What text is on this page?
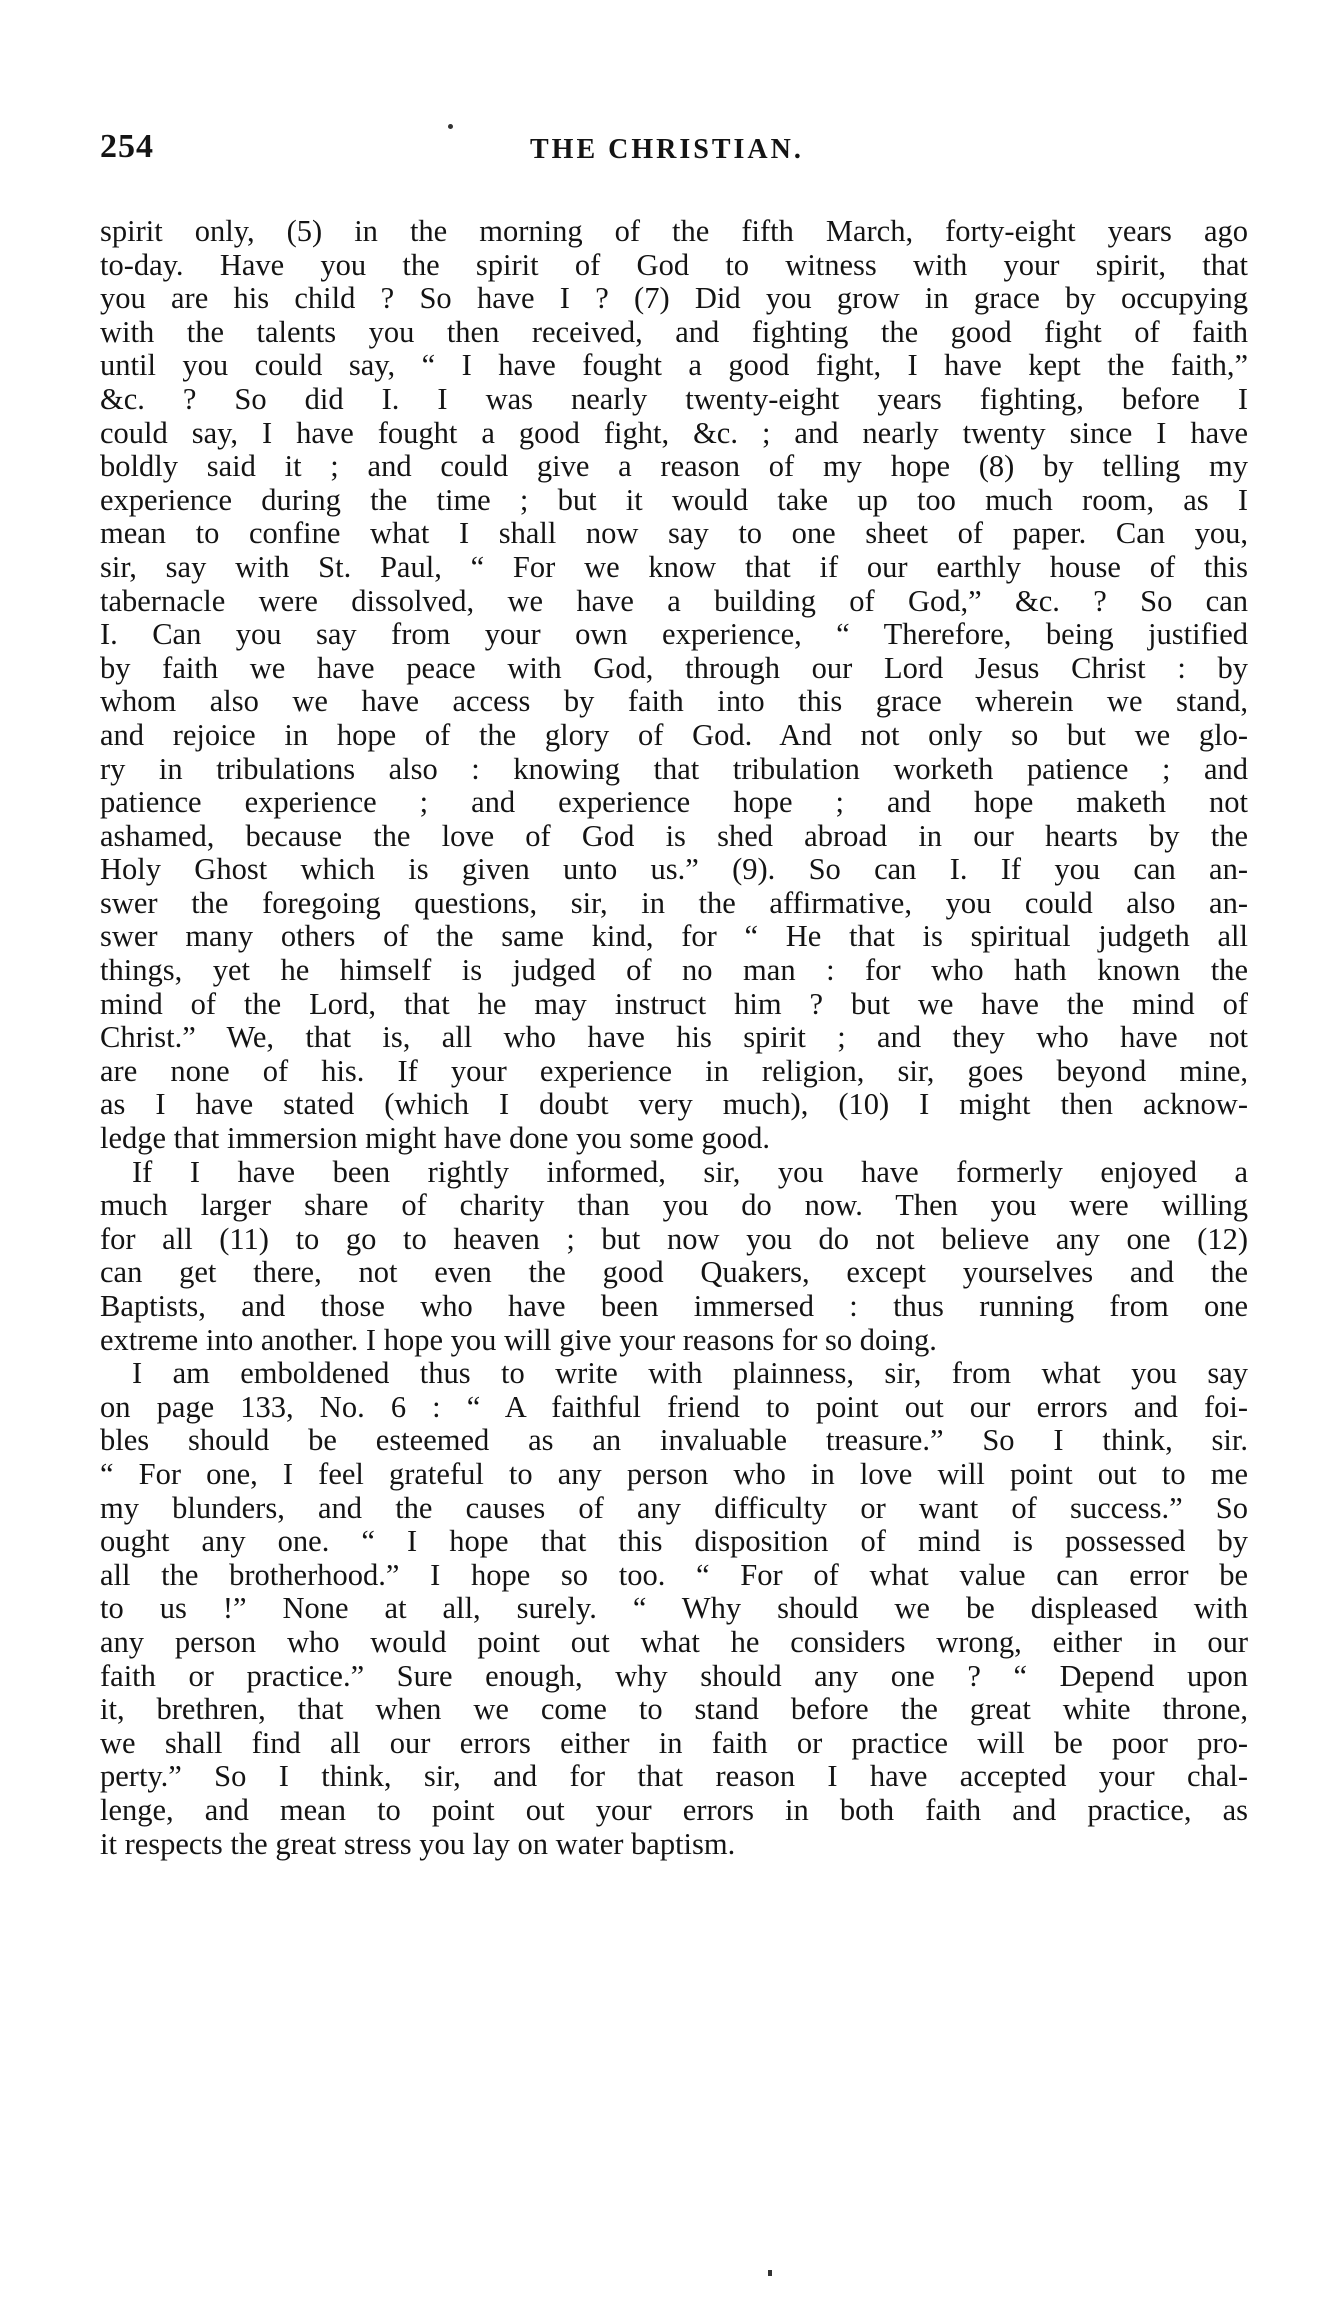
254	THE CHRISTIAN.
spirit only, (5) in the morning of the fifth March, forty-eight years ago
to-day. Have you the spirit of God to witness with your spirit, that
you are his child ? So have I ? (7) Did you grow in grace by occupying
with the talents you then received, and fighting the good fight of faith
until you could say, “ I have fought a good fight, I have kept the faith,”
&c. ? So did I. I was nearly twenty-eight years fighting, before I
could say, I have fought a good fight, &c. ; and nearly twenty since I have
boldly said it ; and could give a reason of my hope (8) by telling my
experience during the time ; but it would take up too much room, as I
mean to confine what I shall now say to one sheet of paper. Can you,
sir, say with St. Paul, “ For we know that if our earthly house of this
tabernacle were dissolved, we have a building of God,” &c. ? So can
I. Can you say from your own experience, “ Therefore, being justified
by faith we have peace with God, through our Lord Jesus Christ : by
whom also we have access by faith into this grace wherein we stand,
and rejoice in hope of the glory of God. And not only so but we glo-
ry in tribulations also : knowing that tribulation worketh patience ; and
patience experience ; and experience hope ; and hope maketh not
ashamed, because the love of God is shed abroad in our hearts by the
Holy Ghost which is given unto us.” (9). So can I. If you can an-
swer the foregoing questions, sir, in the affirmative, you could also an-
swer many others of the same kind, for “ He that is spiritual judgeth all
things, yet he himself is judged of no man : for who hath known the
mind of the Lord, that he may instruct him ? but we have the mind of
Christ.” We, that is, all who have his spirit ; and they who have not
are none of his. If your experience in religion, sir, goes beyond mine,
as I have stated (which I doubt very much), (10) I might then acknow-
ledge that immersion might have done you some good.
If I have been rightly informed, sir, you have formerly enjoyed a
much larger share of charity than you do now. Then you were willing
for all (11) to go to heaven ; but now you do not believe any one (12)
can get there, not even the good Quakers, except yourselves and the
Baptists, and those who have been immersed : thus running from one
extreme into another. I hope you will give your reasons for so doing.
I am emboldened thus to write with plainness, sir, from what you say
on page 133, No. 6 : “ A faithful friend to point out our errors and foi-
bles should be esteemed as an invaluable treasure.” So I think, sir.
“ For one, I feel grateful to any person who in love will point out to me
my blunders, and the causes of any difficulty or want of success.” So
ought any one. “ I hope that this disposition of mind is possessed by
all the brotherhood.” I hope so too. “ For of what value can error be
to us !” None at all, surely. “ Why should we be displeased with
any person who would point out what he considers wrong, either in our
faith or practice.” Sure enough, why should any one ? “ Depend upon
it, brethren, that when we come to stand before the great white throne,
we shall find all our errors either in faith or practice will be poor pro-
perty.” So I think, sir, and for that reason I have accepted your chal-
lenge, and mean to point out your errors in both faith and practice, as
it respects the great stress you lay on water baptism.
